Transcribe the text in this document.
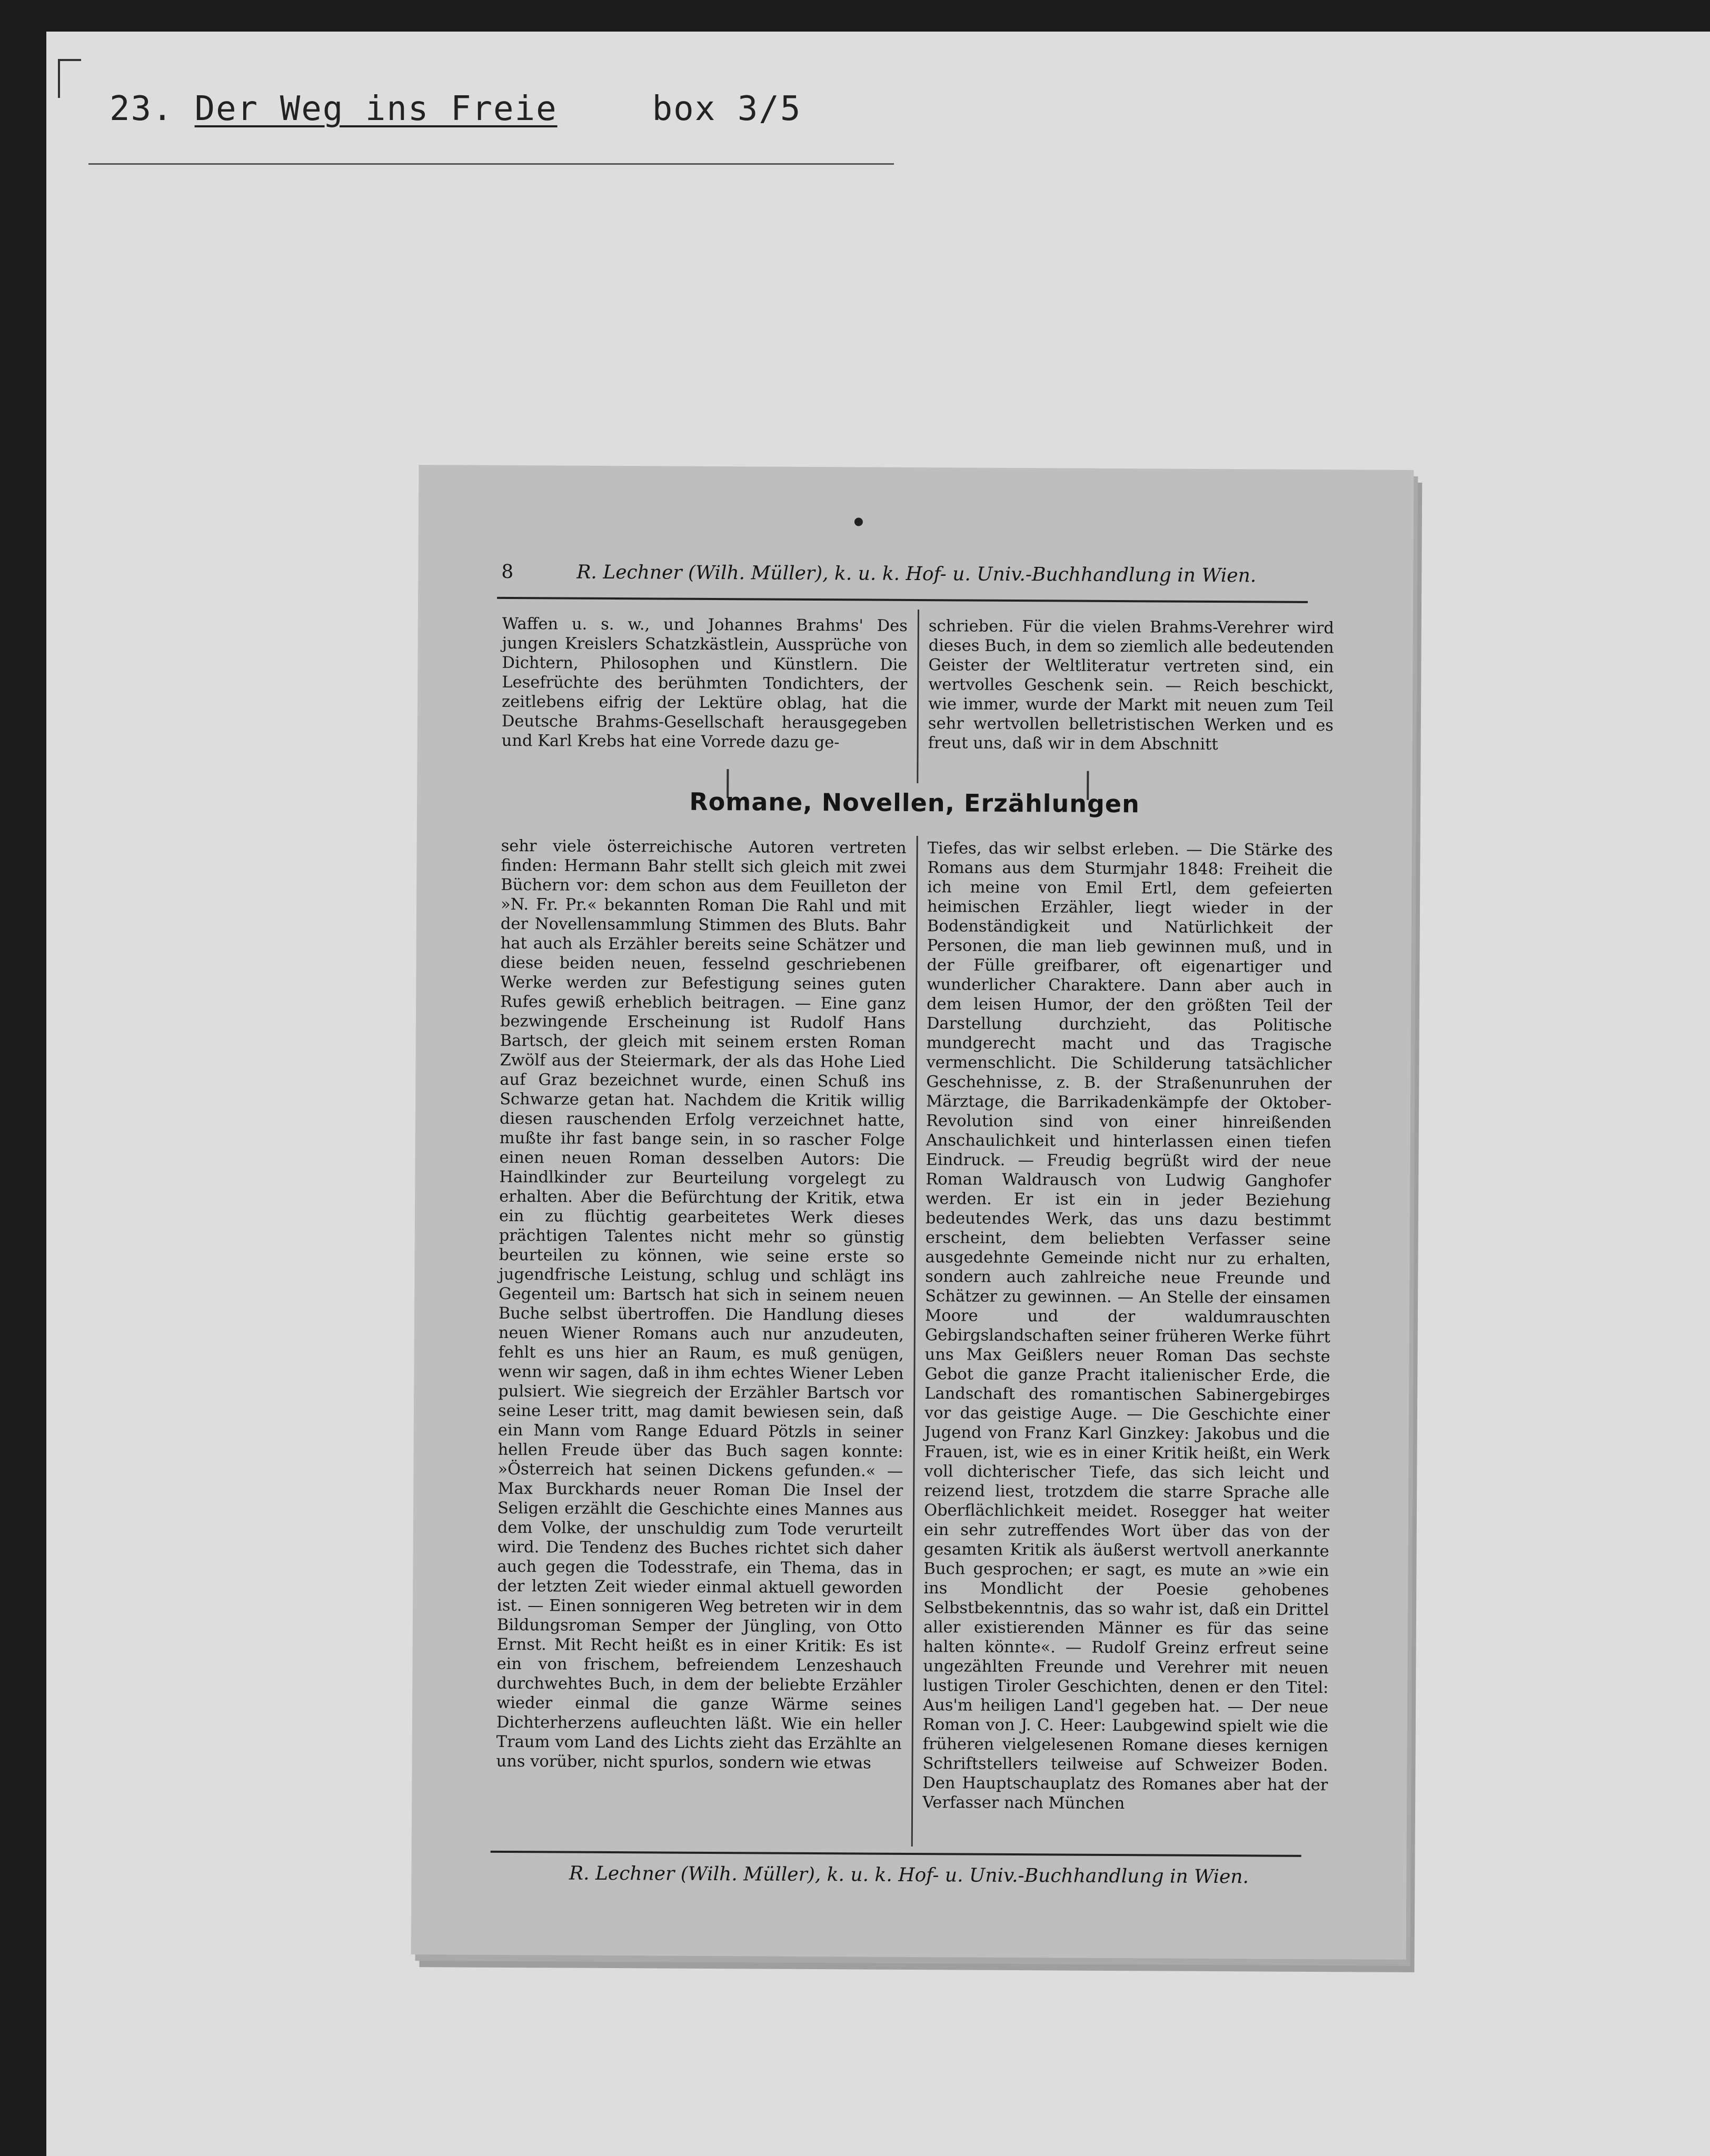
23. Der Weg ins Freie	box 3/5
8	R. Lechner (Wilh. Müller), k. u. k. Hof- u. Univ.-Buchhandlung in Wien.

Waffen u. s. w., und Johannes Brahms' Des jungen Kreislers Schatzkästlein, Aussprüche von Dichtern, Philosophen und Künstlern. Die Lesefrüchte des berühmten Tondichters, der zeitlebens eifrig der Lektüre oblag, hat die Deutsche Brahms-Gesellschaft herausgegeben und Karl Krebs hat eine Vorrede dazu ge-

schrieben. Für die vielen Brahms-Verehrer wird dieses Buch, in dem so ziemlich alle bedeutenden Geister der Weltliteratur vertreten sind, ein wertvolles Geschenk sein. — Reich beschickt, wie immer, wurde der Markt mit neuen zum Teil sehr wertvollen belletristischen Werken und es freut uns, daß wir in dem Abschnitt

Romane, Novellen, Erzählungen

sehr viele österreichische Autoren vertreten finden: Hermann Bahr stellt sich gleich mit zwei Büchern vor: dem schon aus dem Feuilleton der »N. Fr. Pr.« bekannten Roman Die Rahl und mit der Novellensammlung Stimmen des Bluts. Bahr hat auch als Erzähler bereits seine Schätzer und diese beiden neuen, fesselnd geschriebenen Werke werden zur Befestigung seines guten Rufes gewiß erheblich beitragen. — Eine ganz bezwingende Erscheinung ist Rudolf Hans Bartsch, der gleich mit seinem ersten Roman Zwölf aus der Steiermark, der als das Hohe Lied auf Graz bezeichnet wurde, einen Schuß ins Schwarze getan hat. Nachdem die Kritik willig diesen rauschenden Erfolg verzeichnet hatte, mußte ihr fast bange sein, in so rascher Folge einen neuen Roman desselben Autors: Die Haindlkinder zur Beurteilung vorgelegt zu erhalten. Aber die Befürchtung der Kritik, etwa ein zu flüchtig gearbeitetes Werk dieses prächtigen Talentes nicht mehr so günstig beurteilen zu können, wie seine erste so jugendfrische Leistung, schlug und schlägt ins Gegenteil um: Bartsch hat sich in seinem neuen Buche selbst übertroffen. Die Handlung dieses neuen Wiener Romans auch nur anzudeuten, fehlt es uns hier an Raum, es muß genügen, wenn wir sagen, daß in ihm echtes Wiener Leben pulsiert. Wie siegreich der Erzähler Bartsch vor seine Leser tritt, mag damit bewiesen sein, daß ein Mann vom Range Eduard Pötzls in seiner hellen Freude über das Buch sagen konnte: »Österreich hat seinen Dickens gefunden.« — Max Burckhards neuer Roman Die Insel der Seligen erzählt die Geschichte eines Mannes aus dem Volke, der unschuldig zum Tode verurteilt wird. Die Tendenz des Buches richtet sich daher auch gegen die Todesstrafe, ein Thema, das in der letzten Zeit wieder einmal aktuell geworden ist. — Einen sonnigeren Weg betreten wir in dem Bildungsroman Semper der Jüngling, von Otto Ernst. Mit Recht heißt es in einer Kritik: Es ist ein von frischem, befreiendem Lenzeshauch durchwehtes Buch, in dem der beliebte Erzähler wieder einmal die ganze Wärme seines Dichterherzens aufleuchten läßt. Wie ein heller Traum vom Land des Lichts zieht das Erzählte an uns vorüber, nicht spurlos, sondern wie etwas

Tiefes, das wir selbst erleben. — Die Stärke des Romans aus dem Sturmjahr 1848: Freiheit die ich meine von Emil Ertl, dem gefeierten heimischen Erzähler, liegt wieder in der Bodenständigkeit und Natürlichkeit der Personen, die man lieb gewinnen muß, und in der Fülle greifbarer, oft eigenartiger und wunderlicher Charaktere. Dann aber auch in dem leisen Humor, der den größten Teil der Darstellung durchzieht, das Politische mundgerecht macht und das Tragische vermenschlicht. Die Schilderung tatsächlicher Geschehnisse, z. B. der Straßenunruhen der Märztage, die Barrikadenkämpfe der Oktober-Revolution sind von einer hinreißenden Anschaulichkeit und hinterlassen einen tiefen Eindruck. — Freudig begrüßt wird der neue Roman Waldrausch von Ludwig Ganghofer werden. Er ist ein in jeder Beziehung bedeutendes Werk, das uns dazu bestimmt erscheint, dem beliebten Verfasser seine ausgedehnte Gemeinde nicht nur zu erhalten, sondern auch zahlreiche neue Freunde und Schätzer zu gewinnen. — An Stelle der einsamen Moore und der waldumrauschten Gebirgslandschaften seiner früheren Werke führt uns Max Geißlers neuer Roman Das sechste Gebot die ganze Pracht italienischer Erde, die Landschaft des romantischen Sabinergebirges vor das geistige Auge. — Die Geschichte einer Jugend von Franz Karl Ginzkey: Jakobus und die Frauen, ist, wie es in einer Kritik heißt, ein Werk voll dichterischer Tiefe, das sich leicht und reizend liest, trotzdem die starre Sprache alle Oberflächlichkeit meidet. Rosegger hat weiter ein sehr zutreffendes Wort über das von der gesamten Kritik als äußerst wertvoll anerkannte Buch gesprochen; er sagt, es mute an »wie ein ins Mondlicht der Poesie gehobenes Selbstbekenntnis, das so wahr ist, daß ein Drittel aller existierenden Männer es für das seine halten könnte«. — Rudolf Greinz erfreut seine ungezählten Freunde und Verehrer mit neuen lustigen Tiroler Geschichten, denen er den Titel: Aus'm heiligen Land'l gegeben hat. — Der neue Roman von J. C. Heer: Laubgewind spielt wie die früheren vielgelesenen Romane dieses kernigen Schriftstellers teilweise auf Schweizer Boden. Den Hauptschauplatz des Romanes aber hat der Verfasser nach München

R. Lechner (Wilh. Müller), k. u. k. Hof- u. Univ.-Buchhandlung in Wien.
